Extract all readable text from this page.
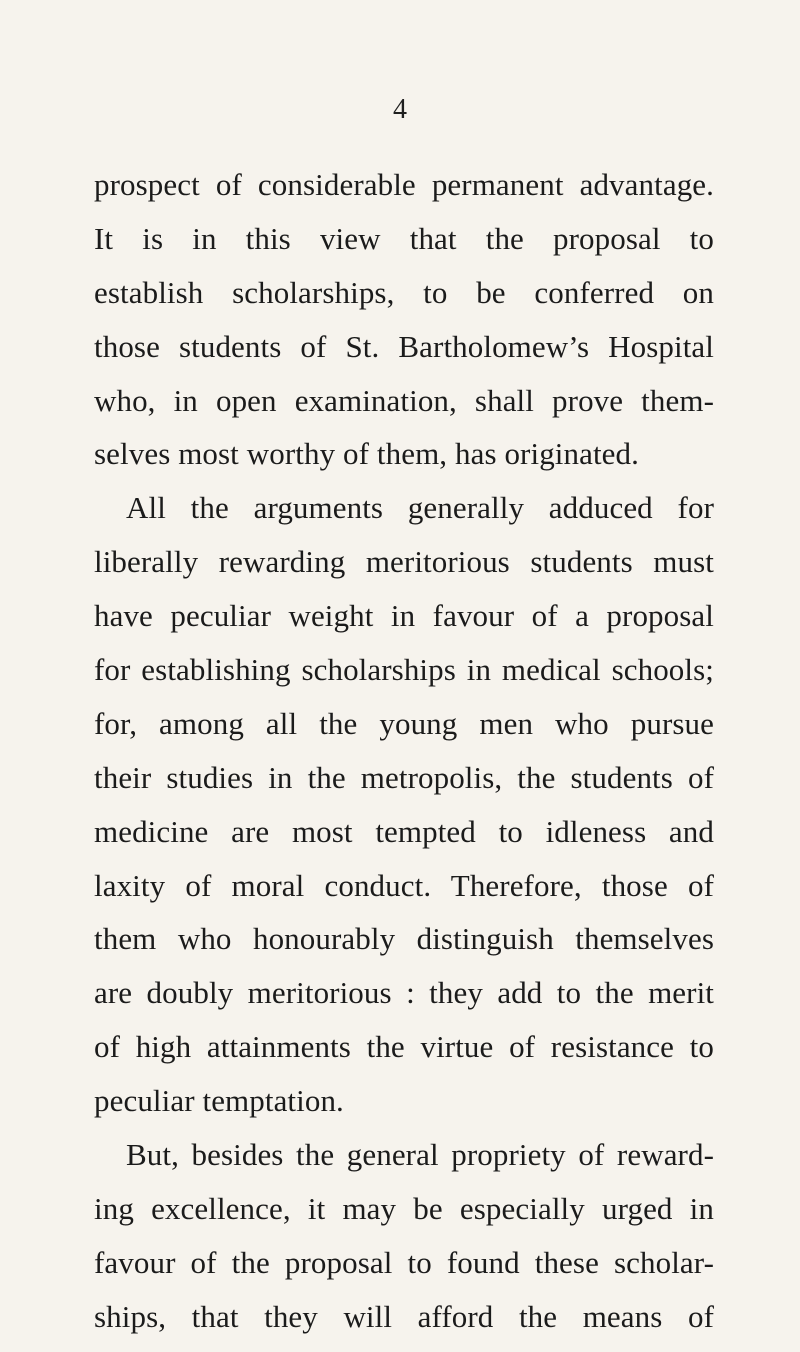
4
prospect of considerable permanent advantage.
It is in this view that the proposal to
establish scholarships, to be conferred on
those students of St. Bartholomew’s Hospital
who, in open examination, shall prove them-
selves most worthy of them, has originated.
All the arguments generally adduced for
liberally rewarding meritorious students must
have peculiar weight in favour of a proposal
for establishing scholarships in medical schools;
for, among all the young men who pursue
their studies in the metropolis, the students of
medicine are most tempted to idleness and
laxity of moral conduct. Therefore, those of
them who honourably distinguish themselves
are doubly meritorious : they add to the merit
of high attainments the virtue of resistance to
peculiar temptation.
But, besides the general propriety of reward-
ing excellence, it may be especially urged in
favour of the proposal to found these scholar-
ships, that they will afford the means of
